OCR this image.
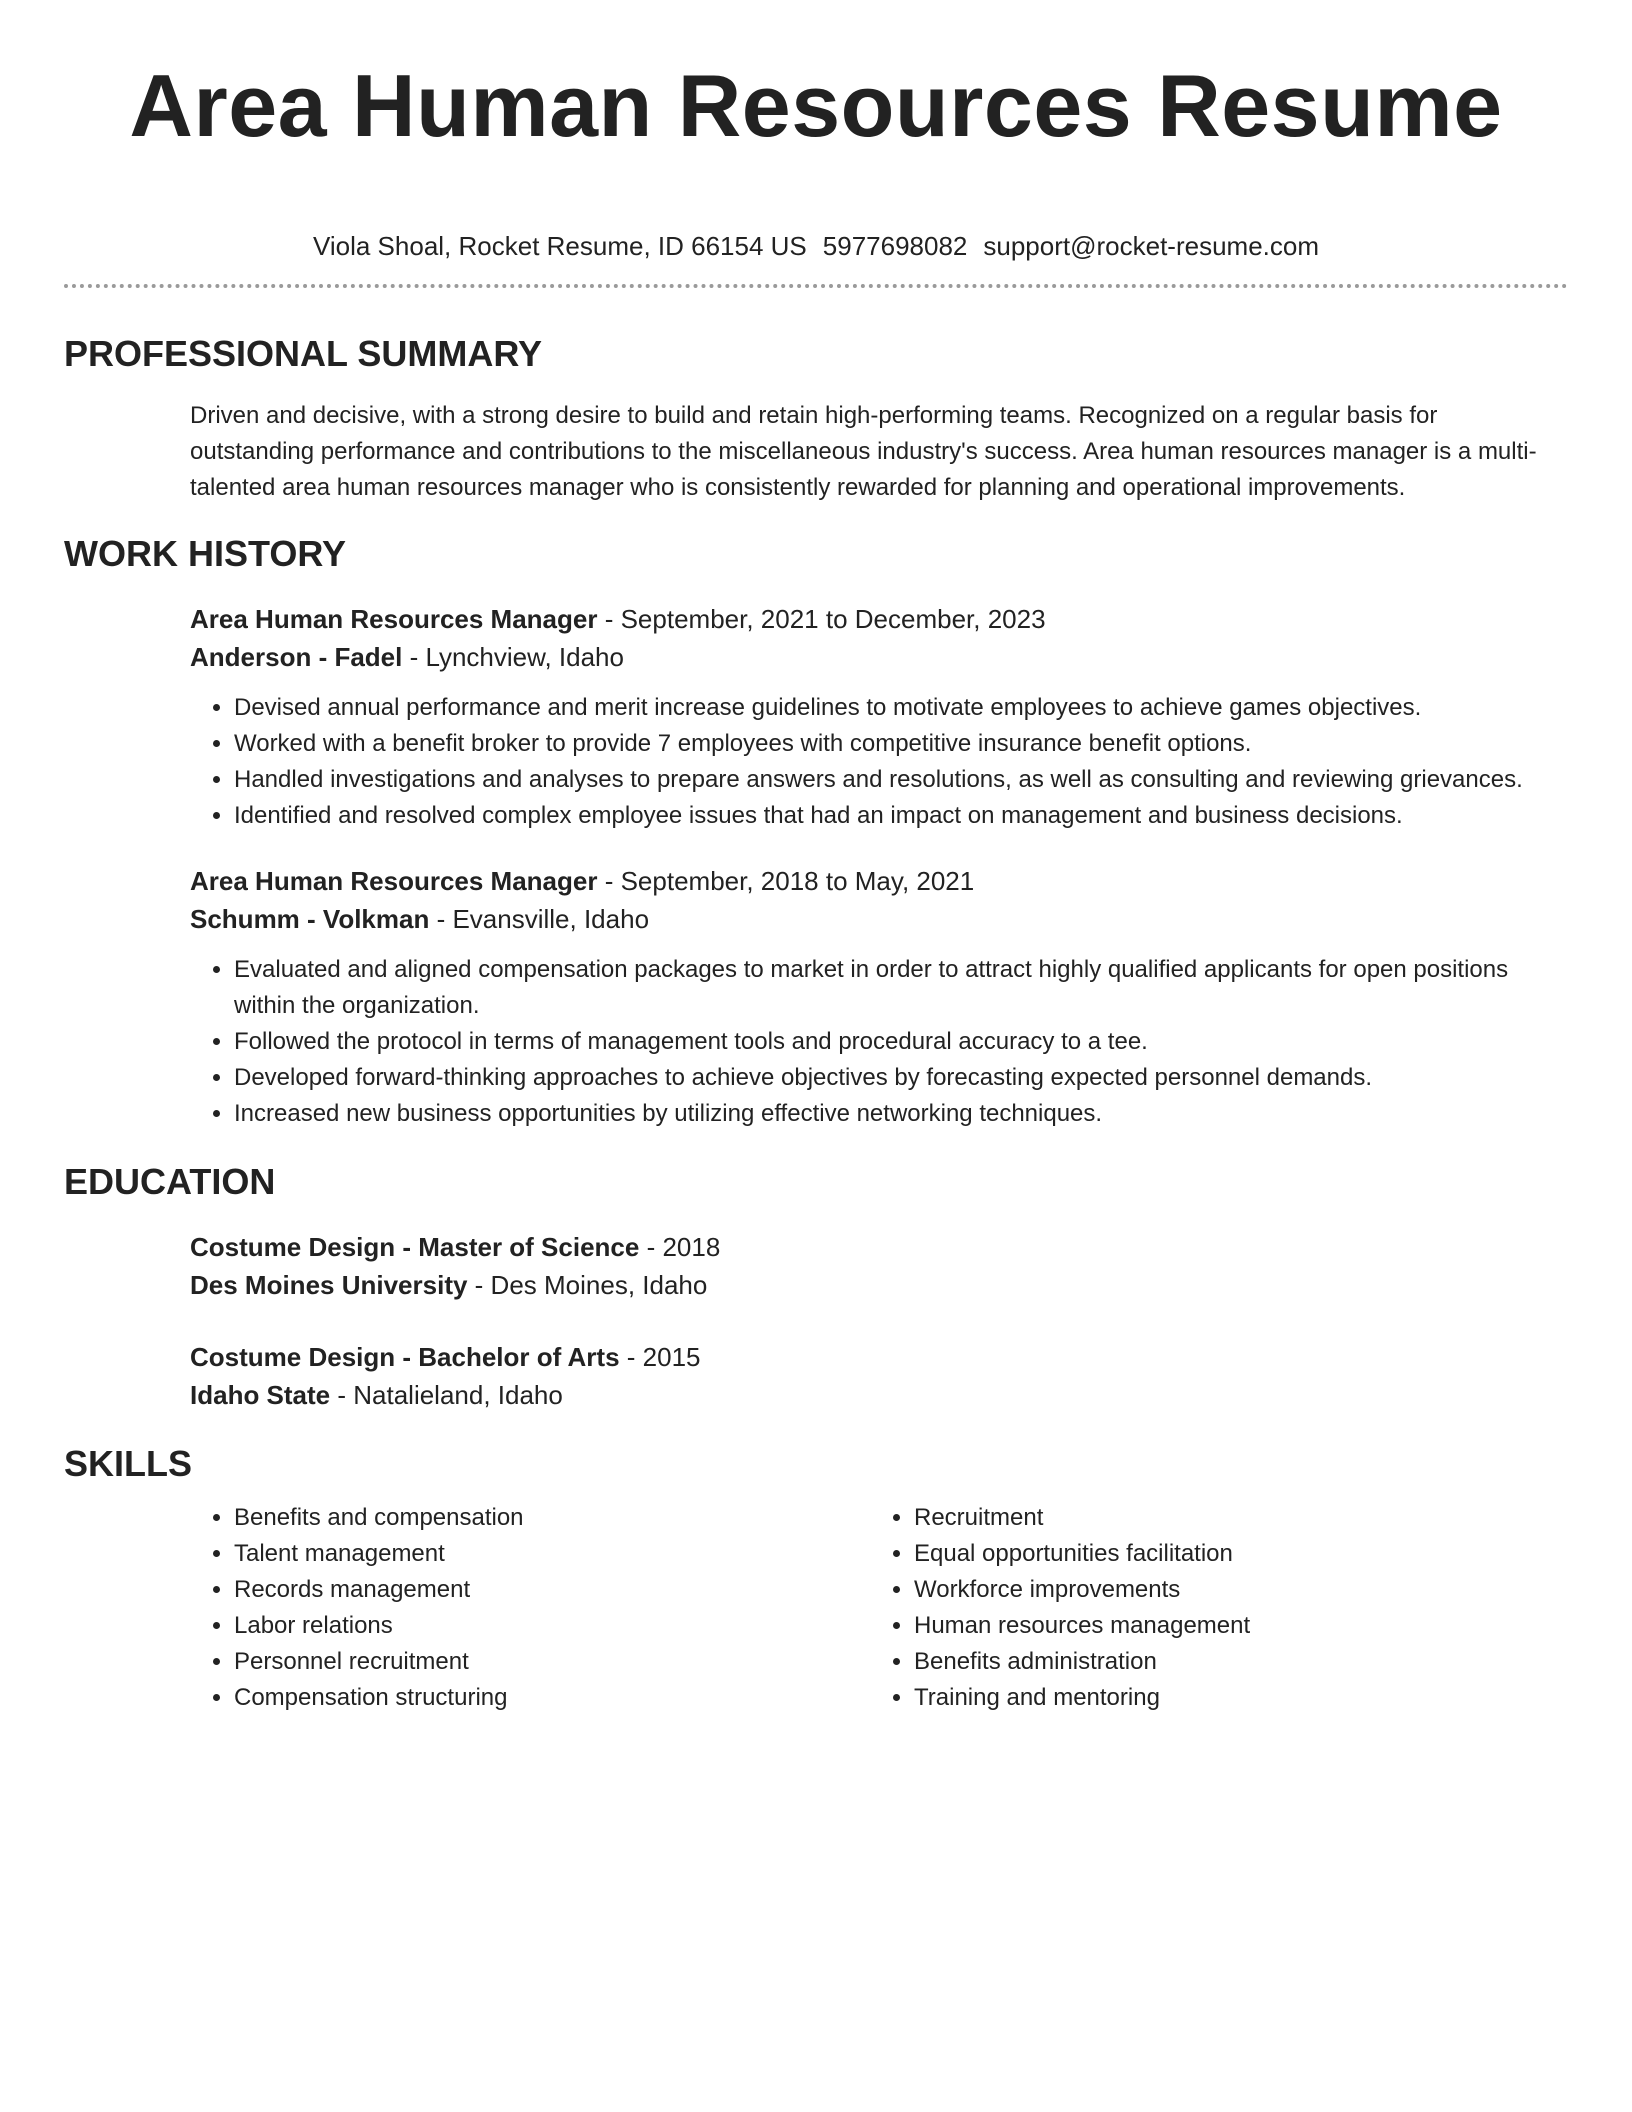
Area Human Resources Resume
Viola Shoal, Rocket Resume, ID 66154 US 5977698082 support@rocket-resume.com
PROFESSIONAL SUMMARY
Driven and decisive, with a strong desire to build and retain high-performing teams. Recognized on a regular basis for outstanding performance and contributions to the miscellaneous industry's success. Area human resources manager is a multi-talented area human resources manager who is consistently rewarded for planning and operational improvements.
WORK HISTORY
Area Human Resources Manager - September, 2021 to December, 2023
Anderson - Fadel - Lynchview, Idaho
• Devised annual performance and merit increase guidelines to motivate employees to achieve games objectives.
• Worked with a benefit broker to provide 7 employees with competitive insurance benefit options.
• Handled investigations and analyses to prepare answers and resolutions, as well as consulting and reviewing grievances.
• Identified and resolved complex employee issues that had an impact on management and business decisions.
Area Human Resources Manager - September, 2018 to May, 2021
Schumm - Volkman - Evansville, Idaho
• Evaluated and aligned compensation packages to market in order to attract highly qualified applicants for open positions within the organization.
• Followed the protocol in terms of management tools and procedural accuracy to a tee.
• Developed forward-thinking approaches to achieve objectives by forecasting expected personnel demands.
• Increased new business opportunities by utilizing effective networking techniques.
EDUCATION
Costume Design - Master of Science - 2018
Des Moines University - Des Moines, Idaho
Costume Design - Bachelor of Arts - 2015
Idaho State - Natalieland, Idaho
SKILLS
• Benefits and compensation
• Talent management
• Records management
• Labor relations
• Personnel recruitment
• Compensation structuring
• Recruitment
• Equal opportunities facilitation
• Workforce improvements
• Human resources management
• Benefits administration
• Training and mentoring
